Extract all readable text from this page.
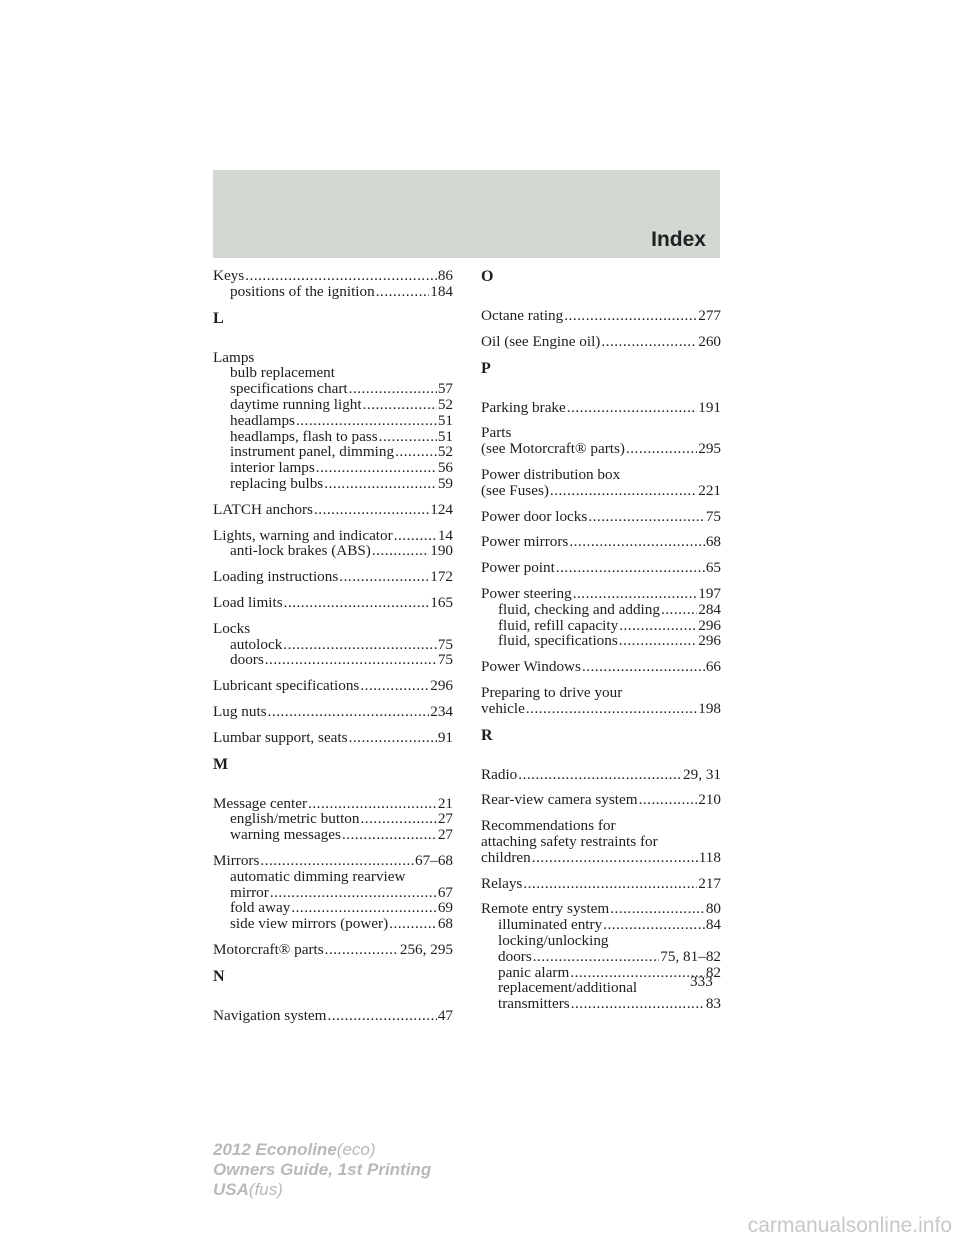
Index
Keys .....	86
positions of the ignition .....	184
L
Lamps
bulb replacement
specifications chart .....	57
daytime running light .....	52
headlamps .....	51
headlamps, flash to pass .....	51
instrument panel, dimming .....	52
interior lamps .....	56
replacing bulbs .....	59
LATCH anchors .....	124
Lights, warning and indicator .....	14
anti-lock brakes (ABS) .....	190
Loading instructions .....	172
Load limits .....	165
Locks
autolock .....	75
doors .....	75
Lubricant specifications .....	296
Lug nuts .....	234
Lumbar support, seats .....	91
M
Message center .....	21
english/metric button .....	27
warning messages .....	27
Mirrors .....	67–68
automatic dimming rearview
mirror .....	67
fold away .....	69
side view mirrors (power) .....	68
Motorcraft® parts .....	256, 295
N
Navigation system .....	47
O
Octane rating .....	277
Oil (see Engine oil) .....	260
P
Parking brake .....	191
Parts
(see Motorcraft® parts) .....	295
Power distribution box
(see Fuses) .....	221
Power door locks .....	75
Power mirrors .....	68
Power point .....	65
Power steering .....	197
fluid, checking and adding .....	284
fluid, refill capacity .....	296
fluid, specifications .....	296
Power Windows .....	66
Preparing to drive your
vehicle .....	198
R
Radio .....	29, 31
Rear-view camera system .....	210
Recommendations for
attaching safety restraints for
children .....	118
Relays .....	217
Remote entry system .....	80
illuminated entry .....	84
locking/unlocking
doors .....	75, 81–82
panic alarm .....	82
replacement/additional
transmitters .....	83
333
2012 Econoline(eco)
Owners Guide, 1st Printing
USA(fus)
carmanualsonline.info
